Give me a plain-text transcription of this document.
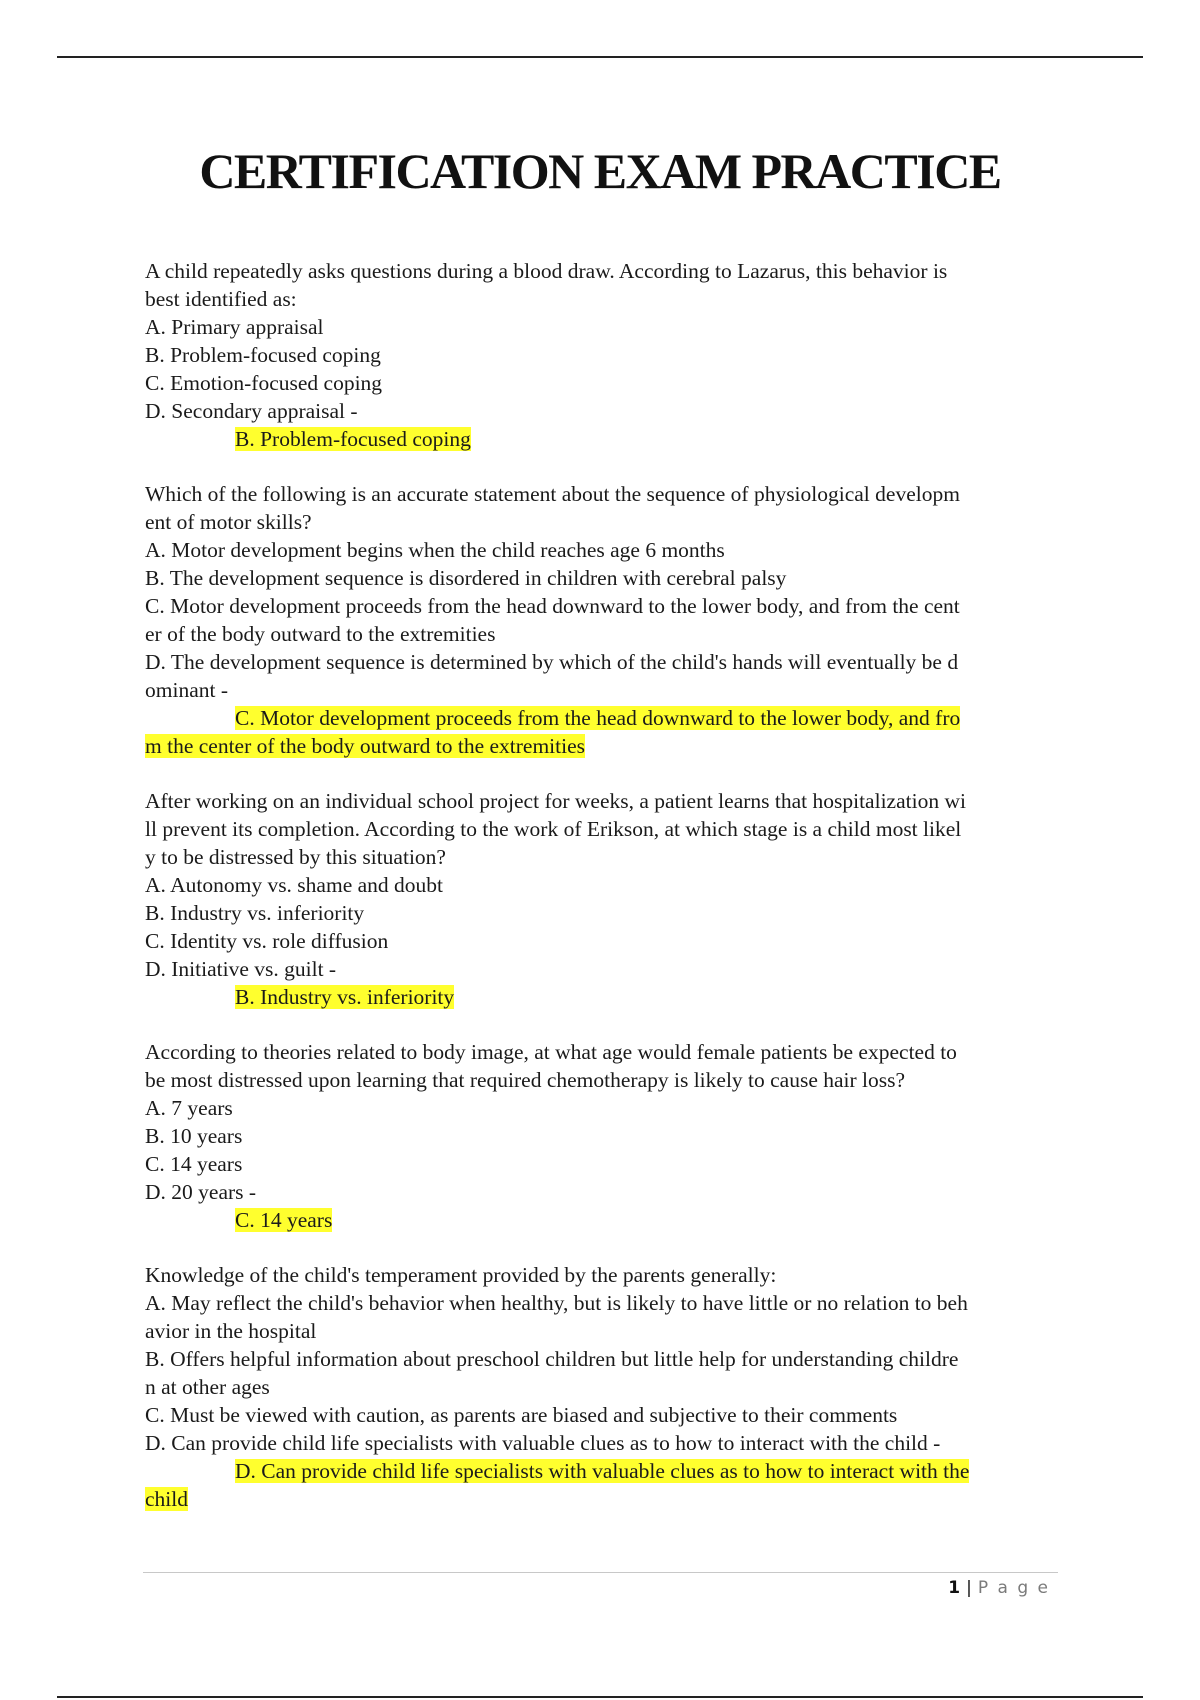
CERTIFICATION EXAM PRACTICE
A child repeatedly asks questions during a blood draw. According to Lazarus, this behavior is
best identified as:
A. Primary appraisal
B. Problem-focused coping
C. Emotion-focused coping
D. Secondary appraisal -
B. Problem-focused coping
Which of the following is an accurate statement about the sequence of physiological developm
ent of motor skills?
A. Motor development begins when the child reaches age 6 months
B. The development sequence is disordered in children with cerebral palsy
C. Motor development proceeds from the head downward to the lower body, and from the cent
er of the body outward to the extremities
D. The development sequence is determined by which of the child's hands will eventually be d
ominant -
C. Motor development proceeds from the head downward to the lower body, and fro
m the center of the body outward to the extremities
After working on an individual school project for weeks, a patient learns that hospitalization wi
ll prevent its completion. According to the work of Erikson, at which stage is a child most likel
y to be distressed by this situation?
A. Autonomy vs. shame and doubt
B. Industry vs. inferiority
C. Identity vs. role diffusion
D. Initiative vs. guilt -
B. Industry vs. inferiority
According to theories related to body image, at what age would female patients be expected to
be most distressed upon learning that required chemotherapy is likely to cause hair loss?
A. 7 years
B. 10 years
C. 14 years
D. 20 years -
C. 14 years
Knowledge of the child's temperament provided by the parents generally:
A. May reflect the child's behavior when healthy, but is likely to have little or no relation to beh
avior in the hospital
B. Offers helpful information about preschool children but little help for understanding childre
n at other ages
C. Must be viewed with caution, as parents are biased and subjective to their comments
D. Can provide child life specialists with valuable clues as to how to interact with the child -
D. Can provide child life specialists with valuable clues as to how to interact with the
child
1 | P a g e
